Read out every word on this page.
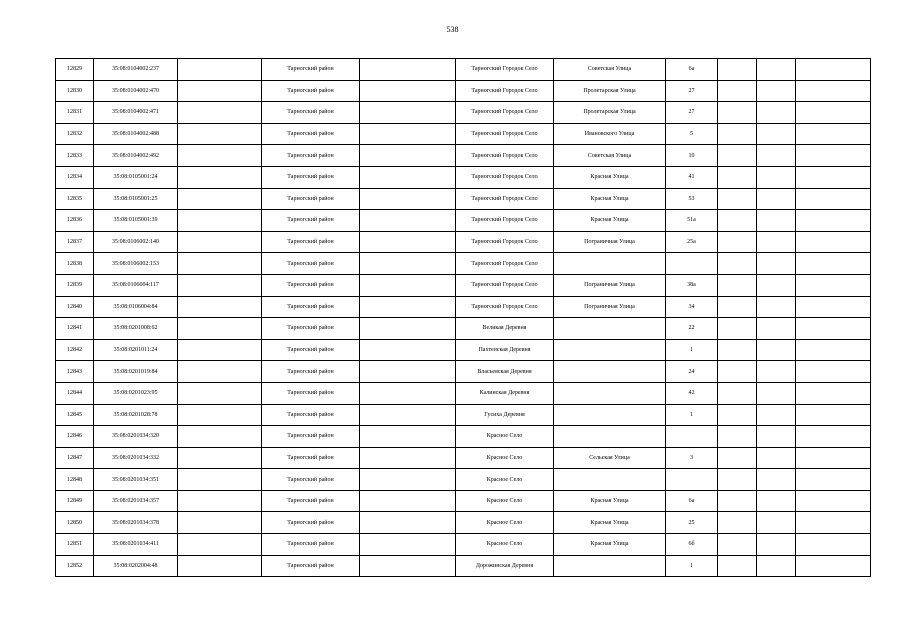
538
12829	35:08:0104002:237		Тарногский район		Тарногский Городок Село	Советская Улица	6а			
12830	35:08:0104002:470		Тарногский район		Тарногский Городок Село	Пролетарская Улица	27			
12831	35:08:0104002:471		Тарногский район		Тарногский Городок Село	Пролетарская Улица	27			
12832	35:08:0104002:488		Тарногский район		Тарногский Городок Село	Ивановского Улица	5			
12833	35:08:0104002:492		Тарногский район		Тарногский Городок Село	Советская Улица	10			
12834	35:08:0105001:24		Тарногский район		Тарногский Городок Село	Красная Улица	41			
12835	35:08:0105001:25		Тарногский район		Тарногский Городок Село	Красная Улица	53			
12836	35:08:0105001:39		Тарногский район		Тарногский Городок Село	Красная Улица	51а			
12837	35:08:0106002:140		Тарногский район		Тарногский Городок Село	Пограничная Улица	25а			
12838	35:08:0106002:153		Тарногский район		Тарногский Городок Село					
12839	35:08:0106004:117		Тарногский район		Тарногский Городок Село	Пограничная Улица	38а			
12840	35:08:0106004:84		Тарногский район		Тарногский Городок Село	Пограничная Улица	34			
12841	35:08:0201008:62		Тарногский район		Великая Деревня		22			
12842	35:08:0201011:24		Тарногский район		Пахтенская Деревня		1			
12843	35:08:0201019:84		Тарногский район		Власьевская Деревня		24			
12844	35:08:0201023:95		Тарногский район		Калинская Деревня		42			
12845	35:08:0201028:78		Тарногский район		Гусиха Деревня		1			
12846	35:08:0201034:320		Тарногский район		Красное Село					
12847	35:08:0201034:332		Тарногский район		Красное Село	Сельская Улица	3			
12848	35:08:0201034:351		Тарногский район		Красное Село					
12849	35:08:0201034:357		Тарногский район		Красное Село	Красная Улица	6а			
12850	35:08:0201034:378		Тарногский район		Красное Село	Красная Улица	25			
12851	35:08:0201034:411		Тарногский район		Красное Село	Красная Улица	6б			
12852	35:08:0202004:48		Тарногский район		Дорожинская Деревня		1			
